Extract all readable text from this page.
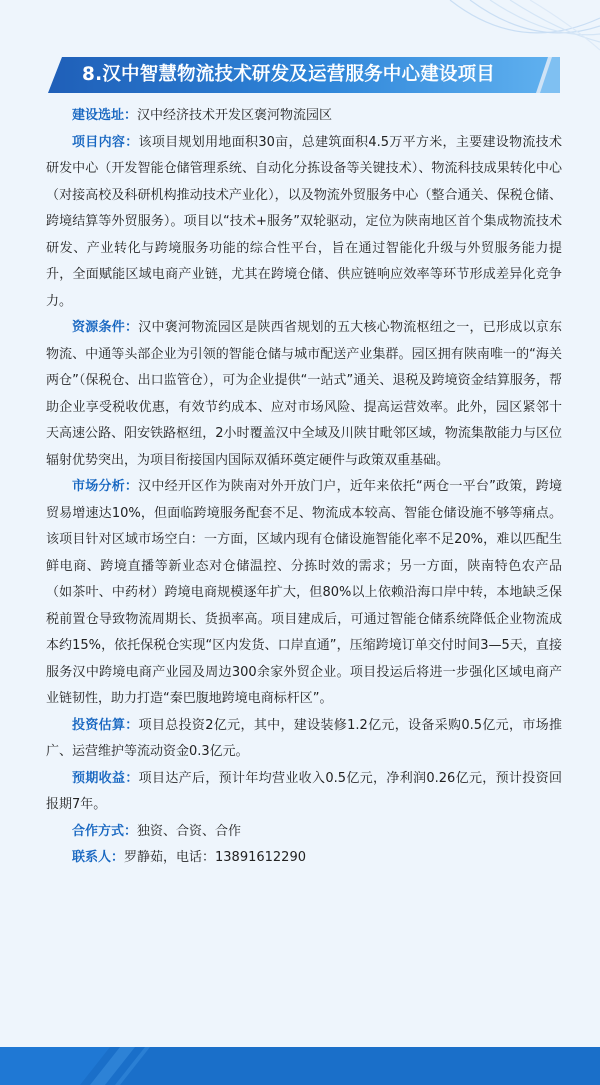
8.汉中智慧物流技术研发及运营服务中心建设项目

建设选址：汉中经济技术开发区褒河物流园区

项目内容：该项目规划用地面积30亩，总建筑面积4.5万平方米，主要建设物流技术研发中心（开发智能仓储管理系统、自动化分拣设备等关键技术）、物流科技成果转化中心（对接高校及科研机构推动技术产业化），以及物流外贸服务中心（整合通关、保税仓储、跨境结算等外贸服务）。项目以“技术+服务”双轮驱动，定位为陕南地区首个集成物流技术研发、产业转化与跨境服务功能的综合性平台，旨在通过智能化升级与外贸服务能力提升，全面赋能区域电商产业链，尤其在跨境仓储、供应链响应效率等环节形成差异化竞争力。

资源条件：汉中褒河物流园区是陕西省规划的五大核心物流枢纽之一，已形成以京东物流、中通等头部企业为引领的智能仓储与城市配送产业集群。园区拥有陕南唯一的“海关两仓”（保税仓、出口监管仓），可为企业提供“一站式”通关、退税及跨境资金结算服务，帮助企业享受税收优惠，有效节约成本、应对市场风险、提高运营效率。此外，园区紧邻十天高速公路、阳安铁路枢纽，2小时覆盖汉中全域及川陕甘毗邻区域，物流集散能力与区位辐射优势突出，为项目衔接国内国际双循环奠定硬件与政策双重基础。

市场分析：汉中经开区作为陕南对外开放门户，近年来依托“两仓一平台”政策，跨境贸易增速达10%，但面临跨境服务配套不足、物流成本较高、智能仓储设施不够等痛点。该项目针对区域市场空白：一方面，区域内现有仓储设施智能化率不足20%，难以匹配生鲜电商、跨境直播等新业态对仓储温控、分拣时效的需求；另一方面，陕南特色农产品（如茶叶、中药材）跨境电商规模逐年扩大，但80%以上依赖沿海口岸中转，本地缺乏保税前置仓导致物流周期长、货损率高。项目建成后，可通过智能仓储系统降低企业物流成本约15%，依托保税仓实现“区内发货、口岸直通”，压缩跨境订单交付时间3—5天，直接服务汉中跨境电商产业园及周边300余家外贸企业。项目投运后将进一步强化区域电商产业链韧性，助力打造“秦巴腹地跨境电商标杆区”。

投资估算：项目总投资2亿元，其中，建设装修1.2亿元，设备采购0.5亿元，市场推广、运营维护等流动资金0.3亿元。

预期收益：项目达产后，预计年均营业收入0.5亿元，净利润0.26亿元，预计投资回报期7年。

合作方式：独资、合资、合作

联系人：罗静茹，电话：13891612290
